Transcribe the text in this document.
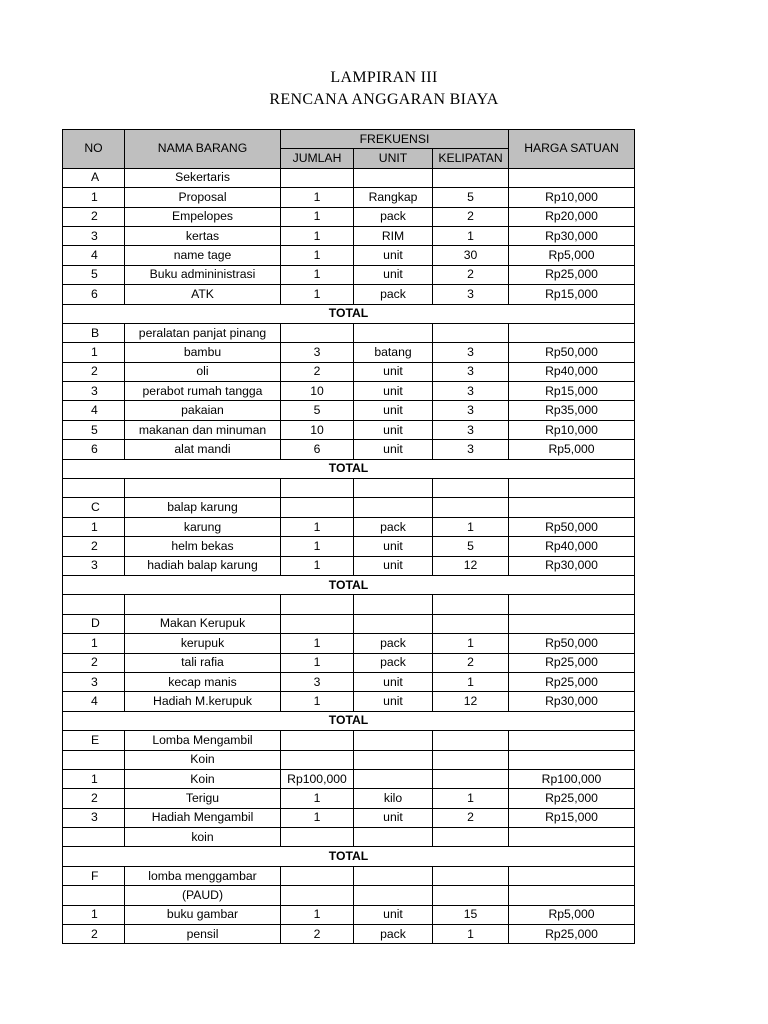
LAMPIRAN III
RENCANA ANGGARAN BIAYA
NO	NAMA BARANG	FREKUENSI			HARGA SATUAN
		JUMLAH	UNIT	KELIPATAN	
A	Sekertaris				
1	Proposal	1	Rangkap	5	Rp10,000
2	Empelopes	1	pack	2	Rp20,000
3	kertas	1	RIM	1	Rp30,000
4	name tage	1	unit	30	Rp5,000
5	Buku admininistrasi	1	unit	2	Rp25,000
6	ATK	1	pack	3	Rp15,000
TOTAL					
B	peralatan panjat pinang				
1	bambu	3	batang	3	Rp50,000
2	oli	2	unit	3	Rp40,000
3	perabot rumah tangga	10	unit	3	Rp15,000
4	pakaian	5	unit	3	Rp35,000
5	makanan dan minuman	10	unit	3	Rp10,000
6	alat mandi	6	unit	3	Rp5,000
TOTAL					

C	balap karung				
1	karung	1	pack	1	Rp50,000
2	helm bekas	1	unit	5	Rp40,000
3	hadiah balap karung	1	unit	12	Rp30,000
TOTAL					

D	Makan Kerupuk				
1	kerupuk	1	pack	1	Rp50,000
2	tali rafia	1	pack	2	Rp25,000
3	kecap manis	3	unit	1	Rp25,000
4	Hadiah M.kerupuk	1	unit	12	Rp30,000
TOTAL					
E	Lomba Mengambil				
	Koin				
1	Koin	Rp100,000			Rp100,000
2	Terigu	1	kilo	1	Rp25,000
3	Hadiah Mengambil	1	unit	2	Rp15,000
	koin				
TOTAL					
F	lomba menggambar				
	(PAUD)				
1	buku gambar	1	unit	15	Rp5,000
2	pensil	2	pack	1	Rp25,000
